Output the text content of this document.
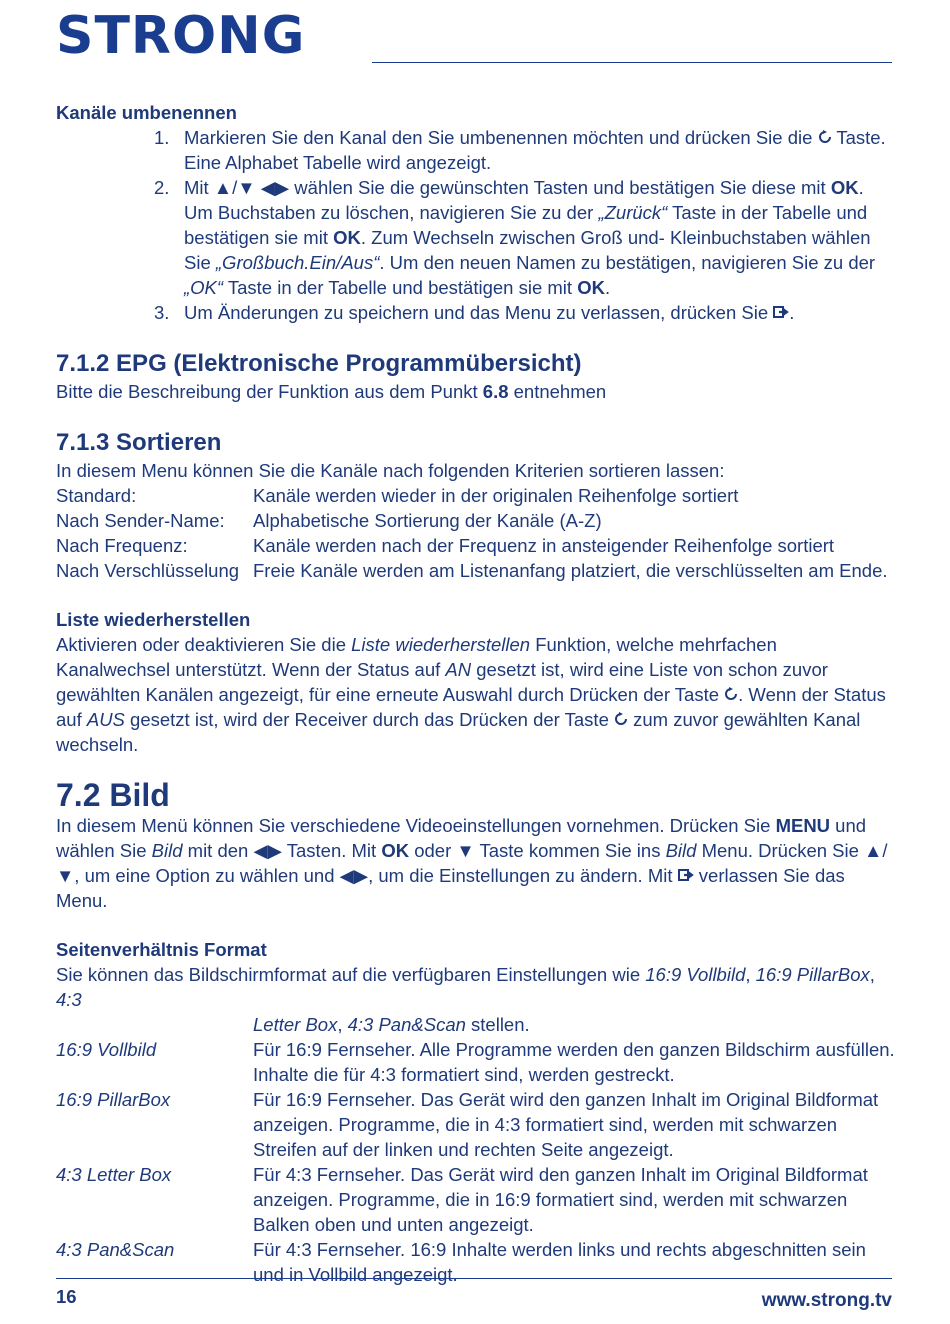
STRONG
Kanäle umbenennen
1. Markieren Sie den Kanal den Sie umbenennen möchten und drücken Sie die  Taste.
Eine Alphabet Tabelle wird angezeigt.
2. Mit ▲/▼ ◀▶ wählen Sie die gewünschten Tasten und bestätigen Sie diese mit OK.
Um Buchstaben zu löschen, navigieren Sie zu der „Zurück“ Taste in der Tabelle und
bestätigen sie mit OK. Zum Wechseln zwischen Groß und- Kleinbuchstaben wählen
Sie „Großbuch.Ein/Aus“. Um den neuen Namen zu bestätigen, navigieren Sie zu der
„OK“ Taste in der Tabelle und bestätigen sie mit OK.
3. Um Änderungen zu speichern und das Menu zu verlassen, drücken Sie .
7.1.2 EPG (Elektronische Programmübersicht)

Bitte die Beschreibung der Funktion aus dem Punkt 6.8 entnehmen

7.1.3 Sortieren

In diesem Menu können Sie die Kanäle nach folgenden Kriterien sortieren lassen:

Standard:	Kanäle werden wieder in der originalen Reihenfolge sortiert
Nach Sender-Name:	Alphabetische Sortierung der Kanäle (A-Z)
Nach Frequenz:	Kanäle werden nach der Frequenz in ansteigender Reihenfolge sortiert
Nach Verschlüsselung Freie Kanäle werden am Listenanfang platziert, die verschlüsselten am Ende.
Liste wiederherstellen

Aktivieren oder deaktivieren Sie die Liste wiederherstellen Funktion, welche mehrfachen Kanalwechsel unterstützt. Wenn der Status auf AN gesetzt ist, wird eine Liste von schon zuvor gewählten Kanälen angezeigt, für eine erneute Auswahl durch Drücken der Taste . Wenn der Status auf AUS gesetzt ist, wird der Receiver durch das Drücken der Taste  zum zuvor gewählten Kanal wechseln.

7.2 Bild

In diesem Menü können Sie verschiedene Videoeinstellungen vornehmen. Drücken Sie MENU und wählen Sie Bild mit den ◀▶ Tasten. Mit OK oder ▼ Taste kommen Sie ins Bild Menu. Drücken Sie ▲/▼, um eine Option zu wählen und ◀▶, um die Einstellungen zu ändern. Mit  verlassen Sie das Menu.

Seitenverhältnis Format

Sie können das Bildschirmformat auf die verfügbaren Einstellungen wie 16:9 Vollbild, 16:9 PillarBox, 4:3

Letter Box, 4:3 Pan&Scan stellen.

16:9 Vollbild	Für 16:9 Fernseher. Alle Programme werden den ganzen Bildschirm ausfüllen. Inhalte die für 4:3 formatiert sind, werden gestreckt.
16:9 PillarBox	Für 16:9 Fernseher. Das Gerät wird den ganzen Inhalt im Original Bildformat anzeigen. Programme, die in 4:3 formatiert sind, werden mit schwarzen Streifen auf der linken und rechten Seite angezeigt.
4:3 Letter Box	Für 4:3 Fernseher. Das Gerät wird den ganzen Inhalt im Original Bildformat anzeigen. Programme, die in 16:9 formatiert sind, werden mit schwarzen Balken oben und unten angezeigt.
4:3 Pan&Scan	Für 4:3 Fernseher. 16:9 Inhalte werden links und rechts abgeschnitten sein und in Vollbild angezeigt.
16	www.strong.tv
